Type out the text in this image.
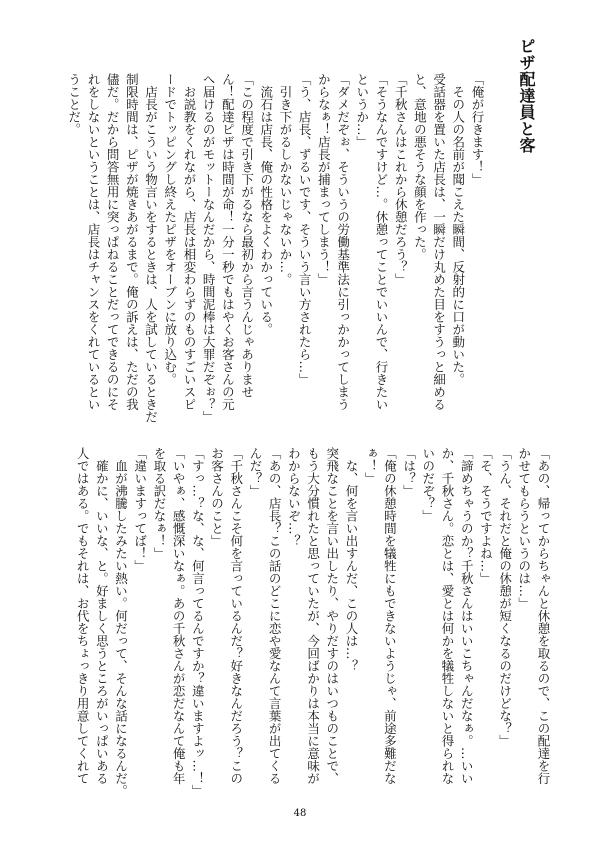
ピザ配達員と客
「俺が行きます！」
　その人の名前が聞こえた瞬間、反射的に口が動いた。
受話器を置いた店長は、一瞬だけ丸めた目をすうっと細める
と、意地の悪そうな顔を作った。
「千秋さんはこれから休憩だろう？」
「そうなんですけど…。休憩ってことでいいんで、行きたい
というか…」
「ダメだぞぉ、そういうの労働基準法に引っかかってしまう
からなぁ！店長が捕まってしまう！」
「う、店長、ずるいです、そういう言い方されたら…」
　引き下がるしかないじゃないか…。
　流石は店長、俺の性格をよくわかっている。
「この程度で引き下がるなら最初から言うんじゃありませ
ん！配達ピザは時間が命！一分一秒でもはやくお客さんの元
へ届けるのがモットーなんだから、時間泥棒は大罪だぞぉ？」
　お説教をくれながら、店長は相変わらずのものすごいスピ
ードでトッピングし終えたピザをオーブンに放り込む。
　店長がこういう物言いをするときは、人を試しているときだ
制限時間は、ピザが焼きあがるまで。俺の訴えは、ただの我
儘だ。だから問答無用に突っぱねることだってできるのにそ
れをしないということは、店長はチャンスをくれているとい
うことだ。
「あの、帰ってからちゃんと休憩を取るので、この配達を行
かせてもらうというのは…」
「うん、それだと俺の休憩が短くなるのだけどな？」
「そ、そうですよね…」
「諦めちゃうのか？千秋さんはいいこちゃんだなぁ。…いい
か、千秋さん。恋とは、愛とは何かを犠牲しないと得られな
いのだぞ？」
「は？」
「俺の休憩時間を犠牲にもできないようじゃ、前途多難だな
ぁ！」
　な、何を言い出すんだ、この人は…？
突飛なことを言い出したり、やりだすのはいつものことで、
もう大分慣れたと思っていたが、今回ばかりは本当に意味が
わからないぞ…？
「あの、店長？この話のどこに恋や愛なんて言葉が出てくる
んだ？」
「千秋さんこそ何を言っているんだ？好きなんだろう？この
お客さんのこと」
「すっ…？な、な、何言ってるんですか？違いますよッ…！」
「いやぁ、感慨深いなぁ。あの千秋さんが恋だなんて俺も年
を取る訳だなぁ！」
「違いますってば！」
　血が沸騰したみたい熱い。何だって、そんな話になるんだ。
　確かに、いいな、と。好ましく思うところがいっぱいある
人ではある。でもそれは、お代をちょっきり用意してくれて
48
